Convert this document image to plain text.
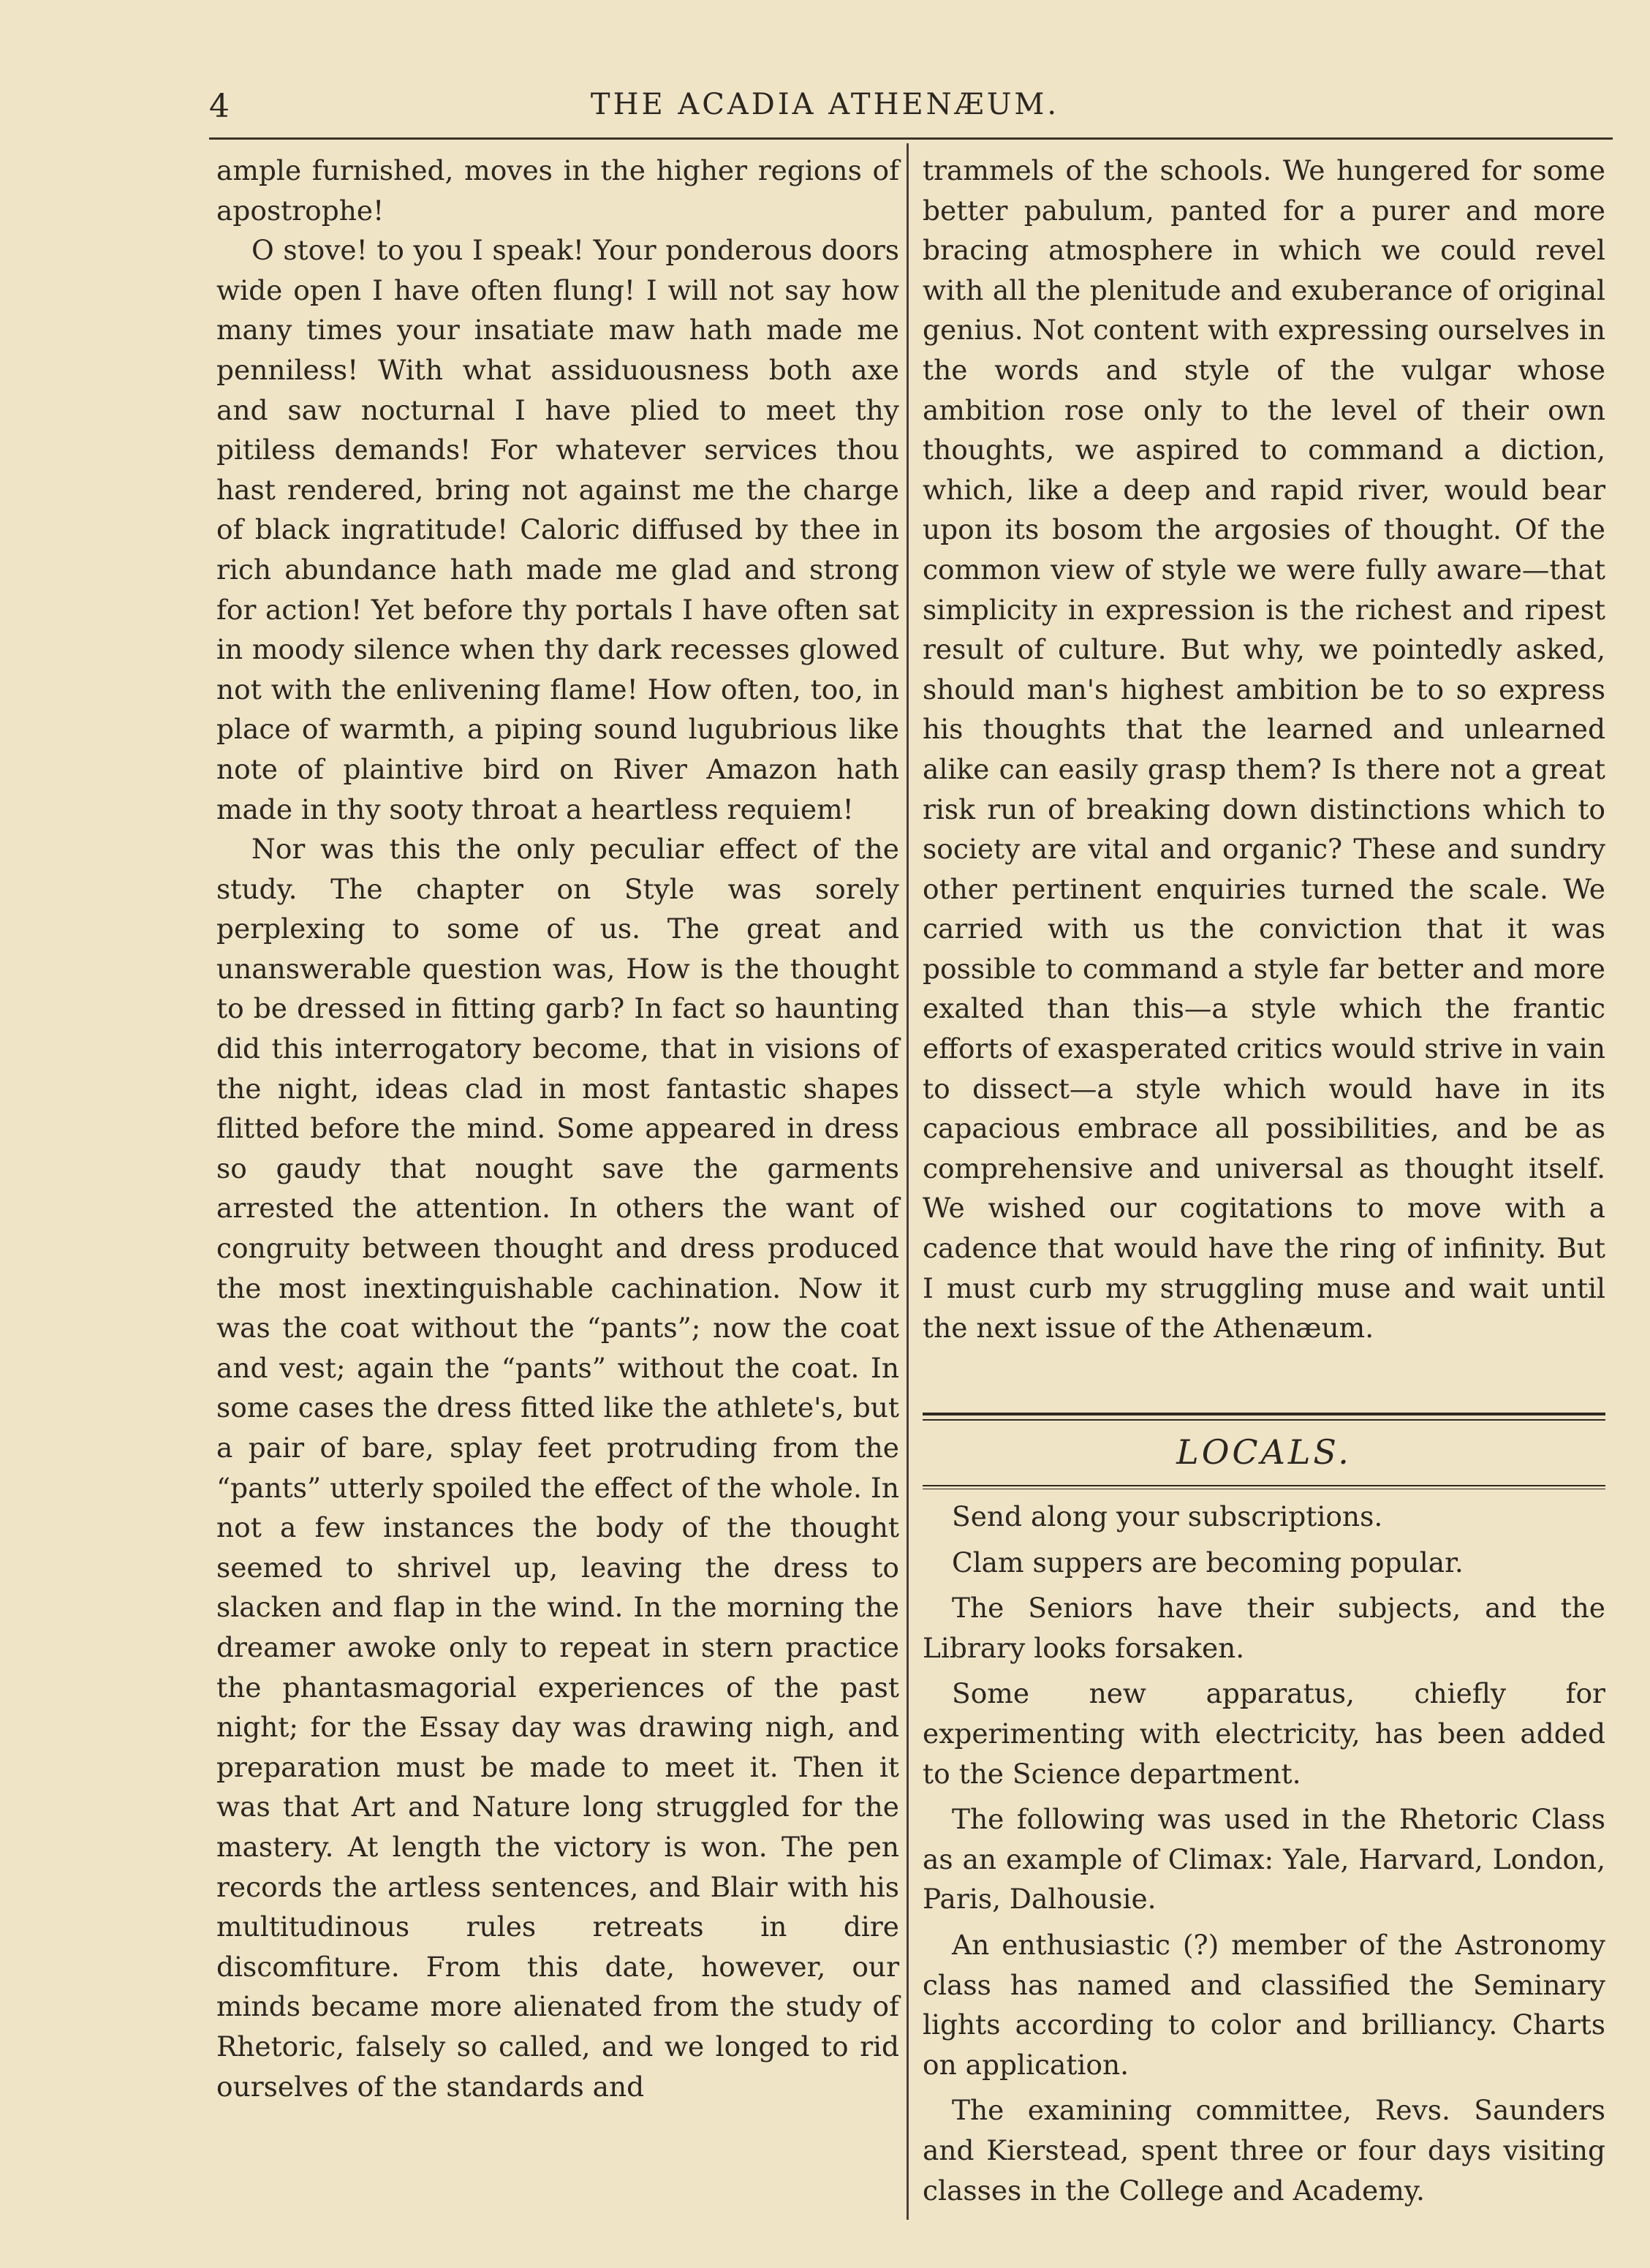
4	THE ACADIA ATHENÆUM.

ample furnished, moves in the higher regions of apostrophe!

O stove! to you I speak! Your ponderous doors wide open I have often flung! I will not say how many times your insatiate maw hath made me penniless! With what assiduousness both axe and saw nocturnal I have plied to meet thy pitiless demands! For whatever services thou hast rendered, bring not against me the charge of black ingratitude! Caloric diffused by thee in rich abundance hath made me glad and strong for action! Yet before thy portals I have often sat in moody silence when thy dark recesses glowed not with the enlivening flame! How often, too, in place of warmth, a piping sound lugubrious like note of plaintive bird on River Amazon hath made in thy sooty throat a heartless requiem!

Nor was this the only peculiar effect of the study. The chapter on Style was sorely perplexing to some of us. The great and unanswerable question was, How is the thought to be dressed in fitting garb? In fact so haunting did this interrogatory become, that in visions of the night, ideas clad in most fantastic shapes flitted before the mind. Some appeared in dress so gaudy that nought save the garments arrested the attention. In others the want of congruity between thought and dress produced the most inextinguishable cachination. Now it was the coat without the “pants”; now the coat and vest; again the “pants” without the coat. In some cases the dress fitted like the athlete's, but a pair of bare, splay feet protruding from the “pants” utterly spoiled the effect of the whole. In not a few instances the body of the thought seemed to shrivel up, leaving the dress to slacken and flap in the wind. In the morning the dreamer awoke only to repeat in stern practice the phantasmagorial experiences of the past night; for the Essay day was drawing nigh, and preparation must be made to meet it. Then it was that Art and Nature long struggled for the mastery. At length the victory is won. The pen records the artless sentences, and Blair with his multitudinous rules retreats in dire discomfiture. From this date, however, our minds became more alienated from the study of Rhetoric, falsely so called, and we longed to rid ourselves of the standards and

trammels of the schools. We hungered for some better pabulum, panted for a purer and more bracing atmosphere in which we could revel with all the plenitude and exuberance of original genius. Not content with expressing ourselves in the words and style of the vulgar whose ambition rose only to the level of their own thoughts, we aspired to command a diction, which, like a deep and rapid river, would bear upon its bosom the argosies of thought. Of the common view of style we were fully aware—that simplicity in expression is the richest and ripest result of culture. But why, we pointedly asked, should man's highest ambition be to so express his thoughts that the learned and unlearned alike can easily grasp them? Is there not a great risk run of breaking down distinctions which to society are vital and organic? These and sundry other pertinent enquiries turned the scale. We carried with us the conviction that it was possible to command a style far better and more exalted than this—a style which the frantic efforts of exasperated critics would strive in vain to dissect—a style which would have in its capacious embrace all possibilities, and be as comprehensive and universal as thought itself. We wished our cogitations to move with a cadence that would have the ring of infinity. But I must curb my struggling muse and wait until the next issue of the Athenæum.

LOCALS.

Send along your subscriptions.

Clam suppers are becoming popular.

The Seniors have their subjects, and the Library looks forsaken.

Some new apparatus, chiefly for experimenting with electricity, has been added to the Science department.

The following was used in the Rhetoric Class as an example of Climax: Yale, Harvard, London, Paris, Dalhousie.

An enthusiastic (?) member of the Astronomy class has named and classified the Seminary lights according to color and brilliancy. Charts on application.

The examining committee, Revs. Saunders and Kierstead, spent three or four days visiting classes in the College and Academy.
